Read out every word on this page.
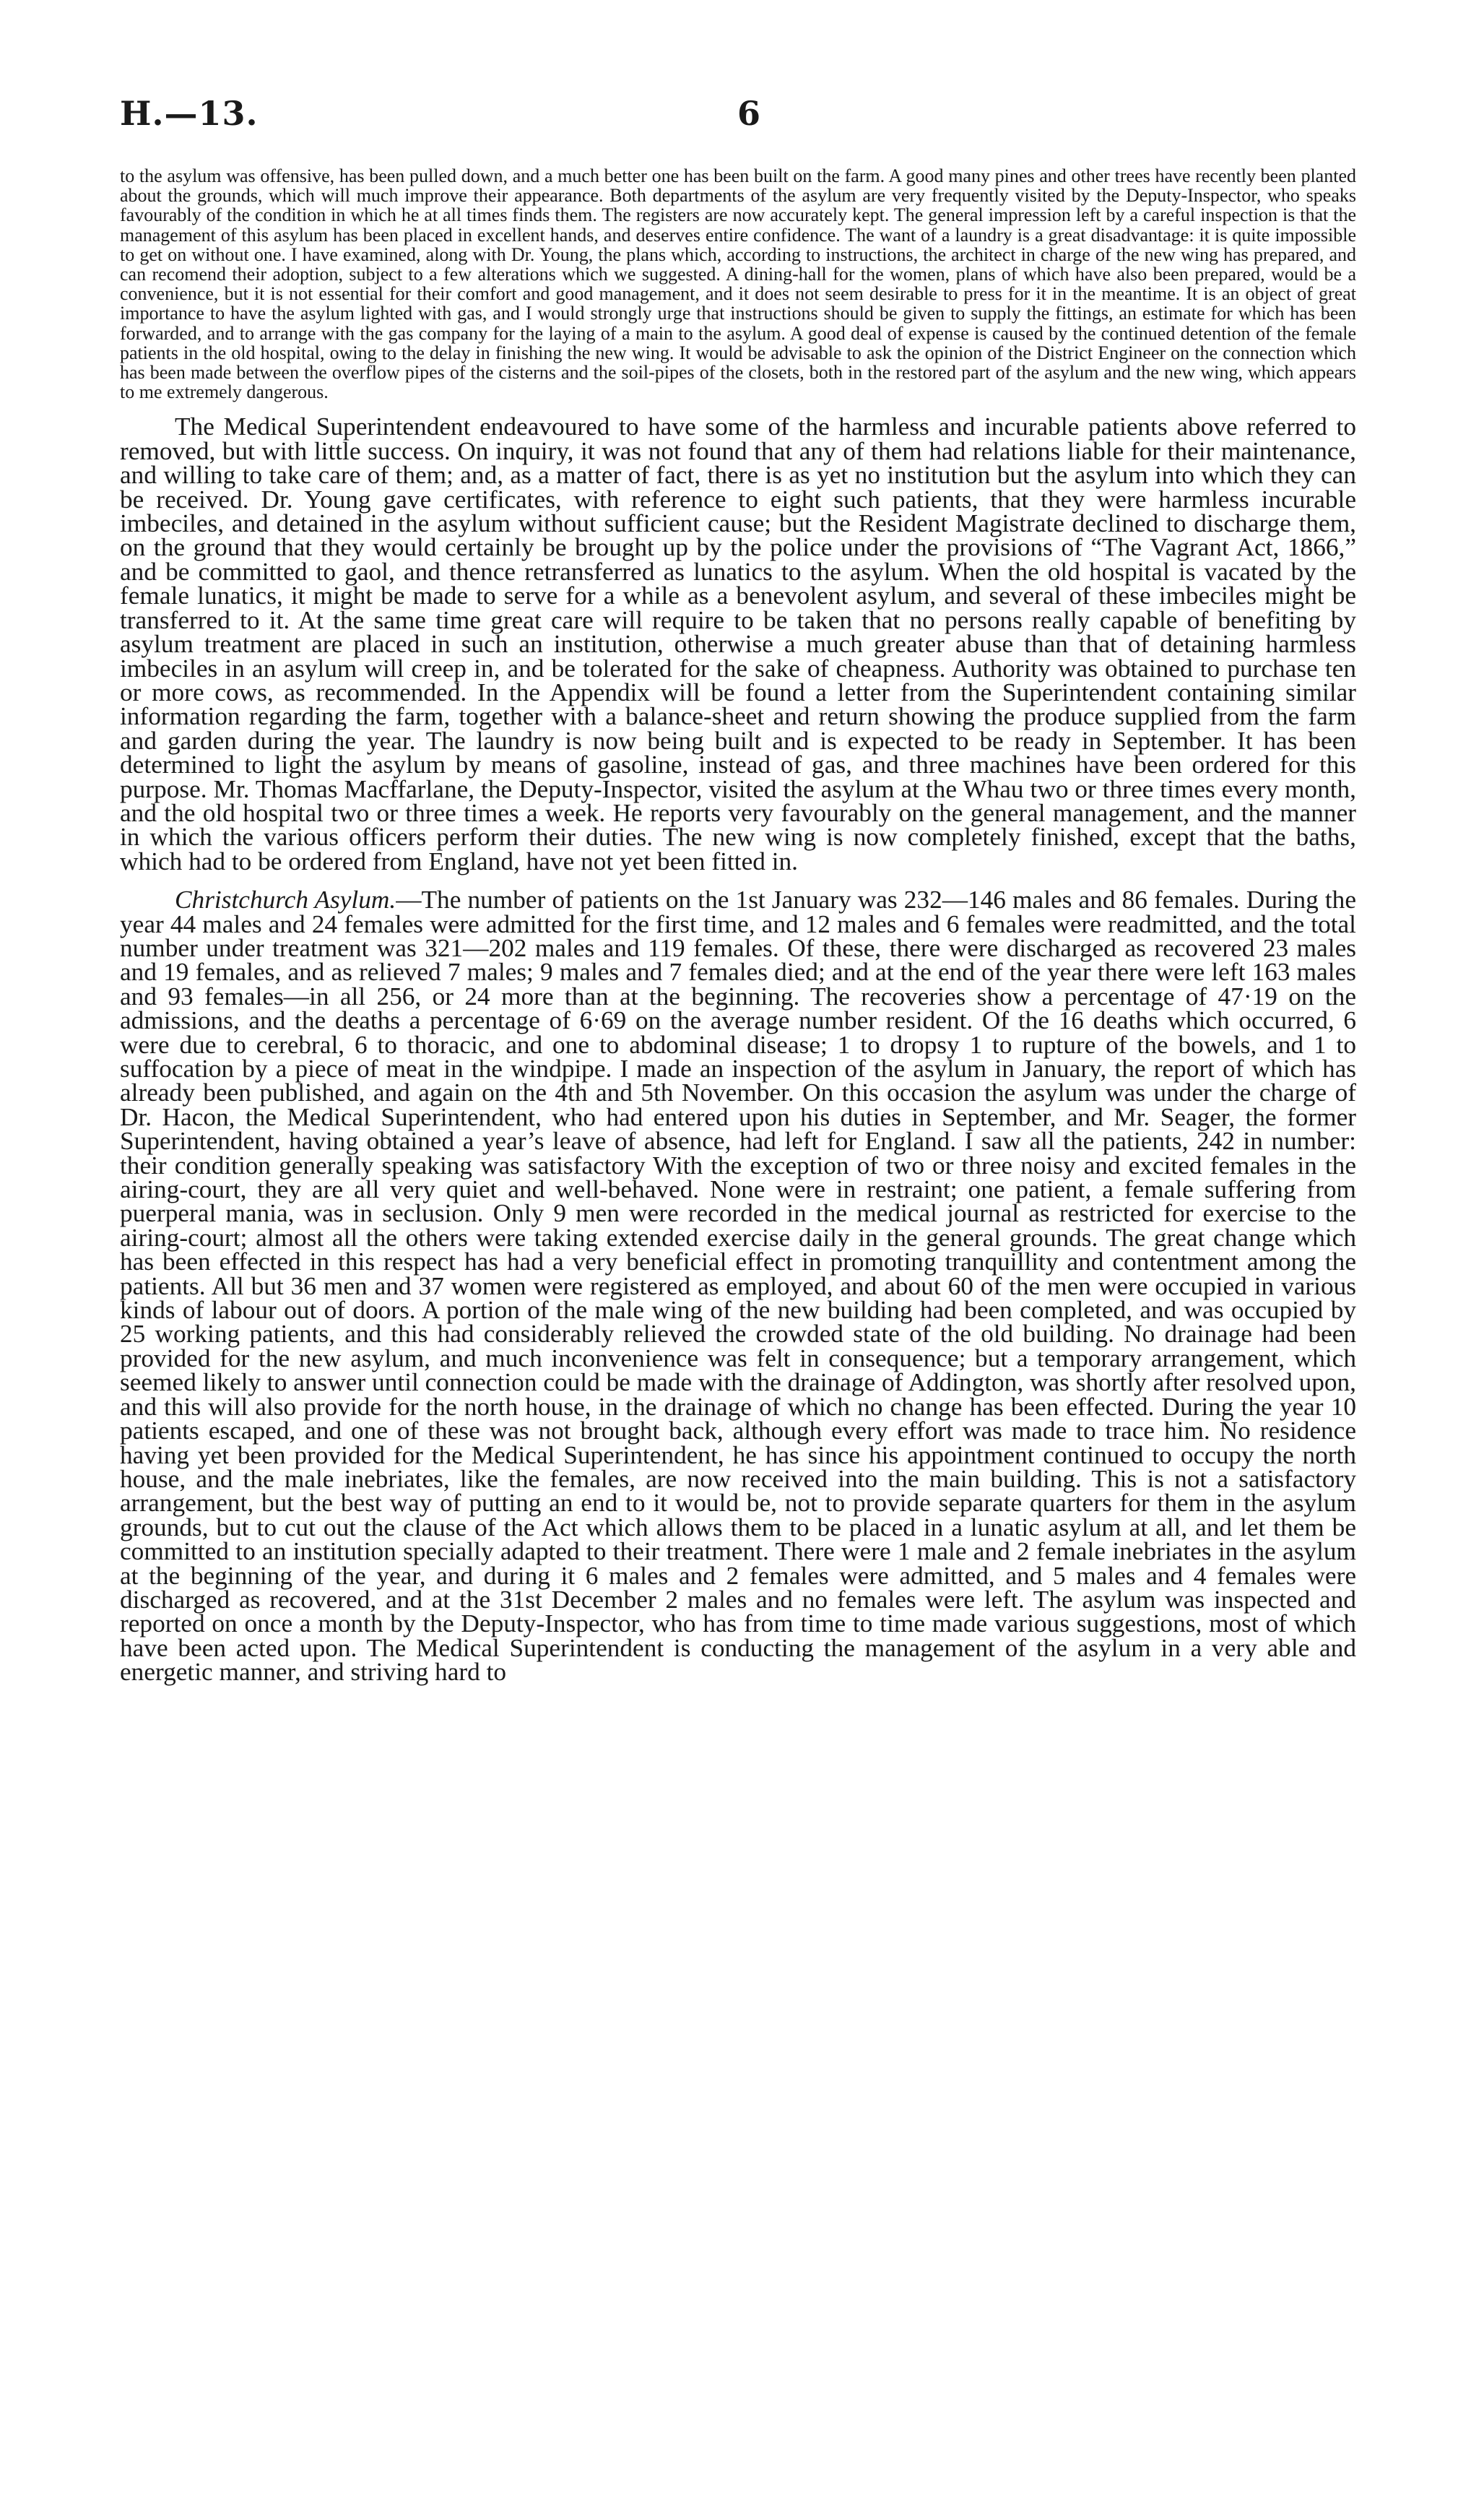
H.—13.	6

to the asylum was offensive, has been pulled down, and a much better one has been built on the farm. A good many pines and other trees have recently been planted about the grounds, which will much improve their appearance. Both departments of the asylum are very frequently visited by the Deputy-Inspector, who speaks favourably of the condition in which he at all times finds them. The registers are now accurately kept. The general impression left by a careful inspection is that the management of this asylum has been placed in excellent hands, and deserves entire confidence. The want of a laundry is a great disadvantage: it is quite impossible to get on without one. I have examined, along with Dr. Young, the plans which, according to instructions, the architect in charge of the new wing has prepared, and can recomend their adoption, subject to a few alterations which we suggested. A dining-hall for the women, plans of which have also been prepared, would be a convenience, but it is not essential for their comfort and good management, and it does not seem desirable to press for it in the meantime. It is an object of great importance to have the asylum lighted with gas, and I would strongly urge that instructions should be given to supply the fittings, an estimate for which has been forwarded, and to arrange with the gas company for the laying of a main to the asylum. A good deal of expense is caused by the continued detention of the female patients in the old hospital, owing to the delay in finishing the new wing. It would be advisable to ask the opinion of the District Engineer on the connection which has been made between the overflow pipes of the cisterns and the soil-pipes of the closets, both in the restored part of the asylum and the new wing, which appears to me extremely dangerous.

The Medical Superintendent endeavoured to have some of the harmless and incurable patients above referred to removed, but with little success. On inquiry, it was not found that any of them had relations liable for their maintenance, and willing to take care of them; and, as a matter of fact, there is as yet no institution but the asylum into which they can be received. Dr. Young gave certificates, with reference to eight such patients, that they were harmless incurable imbeciles, and detained in the asylum without sufficient cause; but the Resident Magistrate declined to discharge them, on the ground that they would certainly be brought up by the police under the provisions of “The Vagrant Act, 1866,” and be committed to gaol, and thence retransferred as lunatics to the asylum. When the old hospital is vacated by the female lunatics, it might be made to serve for a while as a benevolent asylum, and several of these imbeciles might be transferred to it. At the same time great care will require to be taken that no persons really capable of benefiting by asylum treatment are placed in such an institution, otherwise a much greater abuse than that of detaining harmless imbeciles in an asylum will creep in, and be tolerated for the sake of cheapness. Authority was obtained to purchase ten or more cows, as recommended. In the Appendix will be found a letter from the Superintendent containing similar information regarding the farm, together with a balance-sheet and return showing the produce supplied from the farm and garden during the year. The laundry is now being built and is expected to be ready in September. It has been determined to light the asylum by means of gasoline, instead of gas, and three machines have been ordered for this purpose. Mr. Thomas Macffarlane, the Deputy-Inspector, visited the asylum at the Whau two or three times every month, and the old hospital two or three times a week. He reports very favourably on the general management, and the manner in which the various officers perform their duties. The new wing is now completely finished, except that the baths, which had to be ordered from England, have not yet been fitted in.

Christchurch Asylum.—The number of patients on the 1st January was 232—146 males and 86 females. During the year 44 males and 24 females were admitted for the first time, and 12 males and 6 females were readmitted, and the total number under treatment was 321—202 males and 119 females. Of these, there were discharged as recovered 23 males and 19 females, and as relieved 7 males; 9 males and 7 females died; and at the end of the year there were left 163 males and 93 females—in all 256, or 24 more than at the beginning. The recoveries show a percentage of 47·19 on the admissions, and the deaths a percentage of 6·69 on the average number resident. Of the 16 deaths which occurred, 6 were due to cerebral, 6 to thoracic, and one to abdominal disease; 1 to dropsy 1 to rupture of the bowels, and 1 to suffocation by a piece of meat in the windpipe. I made an inspection of the asylum in January, the report of which has already been published, and again on the 4th and 5th November. On this occasion the asylum was under the charge of Dr. Hacon, the Medical Superintendent, who had entered upon his duties in September, and Mr. Seager, the former Superintendent, having obtained a year’s leave of absence, had left for England. I saw all the patients, 242 in number: their condition generally speaking was satisfactory With the exception of two or three noisy and excited females in the airing-court, they are all very quiet and well-behaved. None were in restraint; one patient, a female suffering from puerperal mania, was in seclusion. Only 9 men were recorded in the medical journal as restricted for exercise to the airing-court; almost all the others were taking extended exercise daily in the general grounds. The great change which has been effected in this respect has had a very beneficial effect in promoting tranquillity and contentment among the patients. All but 36 men and 37 women were registered as employed, and about 60 of the men were occupied in various kinds of labour out of doors. A portion of the male wing of the new building had been completed, and was occupied by 25 working patients, and this had considerably relieved the crowded state of the old building. No drainage had been provided for the new asylum, and much inconvenience was felt in consequence; but a temporary arrangement, which seemed likely to answer until connection could be made with the drainage of Addington, was shortly after resolved upon, and this will also provide for the north house, in the drainage of which no change has been effected. During the year 10 patients escaped, and one of these was not brought back, although every effort was made to trace him. No residence having yet been provided for the Medical Superintendent, he has since his appointment continued to occupy the north house, and the male inebriates, like the females, are now received into the main building. This is not a satisfactory arrangement, but the best way of putting an end to it would be, not to provide separate quarters for them in the asylum grounds, but to cut out the clause of the Act which allows them to be placed in a lunatic asylum at all, and let them be committed to an institution specially adapted to their treatment. There were 1 male and 2 female inebriates in the asylum at the beginning of the year, and during it 6 males and 2 females were admitted, and 5 males and 4 females were discharged as recovered, and at the 31st December 2 males and no females were left. The asylum was inspected and reported on once a month by the Deputy-Inspector, who has from time to time made various suggestions, most of which have been acted upon. The Medical Superintendent is conducting the management of the asylum in a very able and energetic manner, and striving hard to
